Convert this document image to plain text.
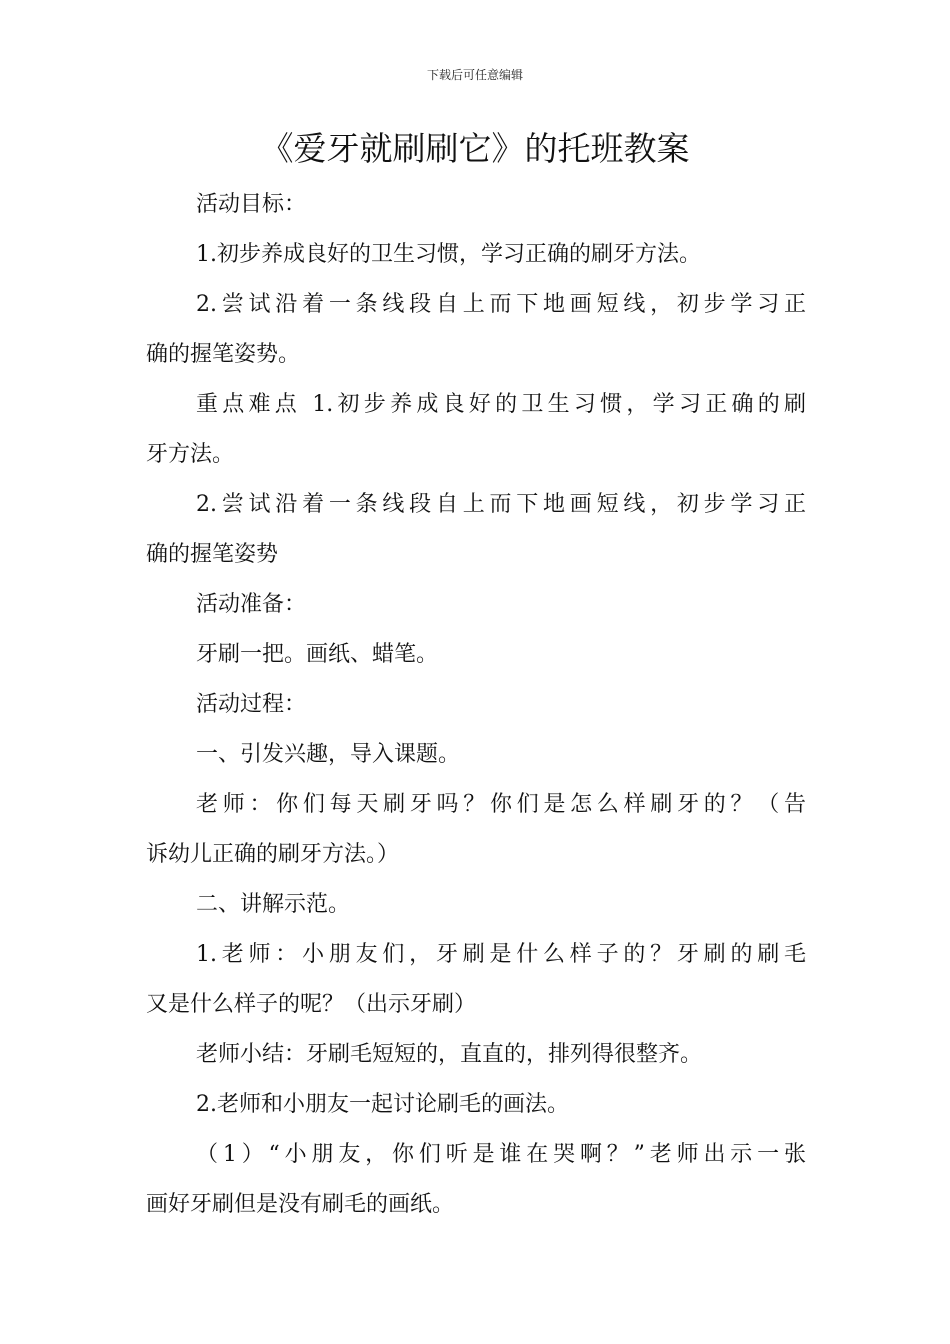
下载后可任意编辑
《爱牙就刷刷它》的托班教案

活动目标：

1.初步养成良好的卫生习惯，学习正确的刷牙方法。

2.尝试沿着一条线段自上而下地画短线，初步学习正
确的握笔姿势。

重点难点 1.初步养成良好的卫生习惯，学习正确的刷
牙方法。

2.尝试沿着一条线段自上而下地画短线，初步学习正
确的握笔姿势

活动准备：

牙刷一把。画纸、蜡笔。

活动过程：

一、引发兴趣，导入课题。

老师：你们每天刷牙吗？你们是怎么样刷牙的？（告
诉幼儿正确的刷牙方法。）

二、讲解示范。

1.老师：小朋友们，牙刷是什么样子的？牙刷的刷毛
又是什么样子的呢？（出示牙刷）

老师小结：牙刷毛短短的，直直的，排列得很整齐。

2.老师和小朋友一起讨论刷毛的画法。

（1）“小朋友，你们听是谁在哭啊？”老师出示一张
画好牙刷但是没有刷毛的画纸。
